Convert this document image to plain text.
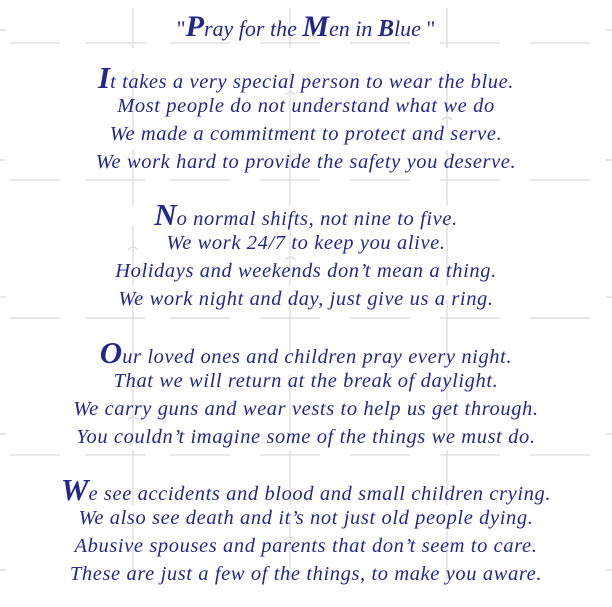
"Pray for the Men in Blue "
It takes a very special person to wear the blue.
Most people do not understand what we do
We made a commitment to protect and serve.
We work hard to provide the safety you deserve.
No normal shifts, not nine to five.
We work 24/7 to keep you alive.
Holidays and weekends don’t mean a thing.
We work night and day, just give us a ring.
Our loved ones and children pray every night.
That we will return at the break of daylight.
We carry guns and wear vests to help us get through.
You couldn’t imagine some of the things we must do.
We see accidents and blood and small children crying.
We also see death and it’s not just old people dying.
Abusive spouses and parents that don’t seem to care.
These are just a few of the things, to make you aware.
